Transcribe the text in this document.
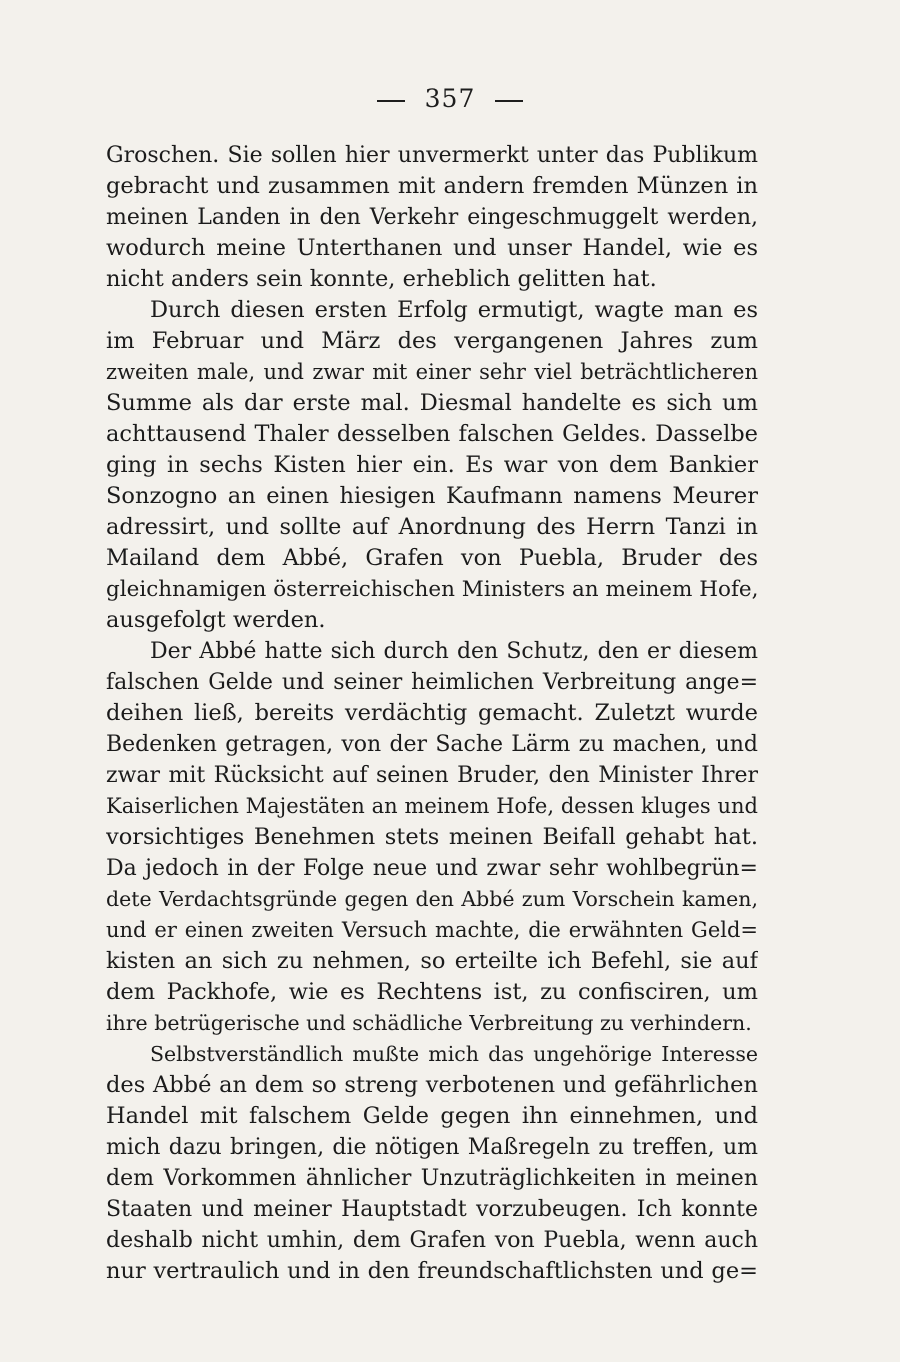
357
Groschen. Sie sollen hier unvermerkt unter das Publikum
gebracht und zusammen mit andern fremden Münzen in
meinen Landen in den Verkehr eingeschmuggelt werden,
wodurch meine Unterthanen und unser Handel, wie es
nicht anders sein konnte, erheblich gelitten hat.
Durch diesen ersten Erfolg ermutigt, wagte man es
im Februar und März des vergangenen Jahres zum
zweiten male, und zwar mit einer sehr viel beträchtlicheren
Summe als dar erste mal. Diesmal handelte es sich um
achttausend Thaler desselben falschen Geldes. Dasselbe
ging in sechs Kisten hier ein. Es war von dem Bankier
Sonzogno an einen hiesigen Kaufmann namens Meurer
adressirt, und sollte auf Anordnung des Herrn Tanzi in
Mailand dem Abbé, Grafen von Puebla, Bruder des
gleichnamigen österreichischen Ministers an meinem Hofe,
ausgefolgt werden.
Der Abbé hatte sich durch den Schutz, den er diesem
falschen Gelde und seiner heimlichen Verbreitung ange=
deihen ließ, bereits verdächtig gemacht. Zuletzt wurde
Bedenken getragen, von der Sache Lärm zu machen, und
zwar mit Rücksicht auf seinen Bruder, den Minister Ihrer
Kaiserlichen Majestäten an meinem Hofe, dessen kluges und
vorsichtiges Benehmen stets meinen Beifall gehabt hat.
Da jedoch in der Folge neue und zwar sehr wohlbegrün=
dete Verdachtsgründe gegen den Abbé zum Vorschein kamen,
und er einen zweiten Versuch machte, die erwähnten Geld=
kisten an sich zu nehmen, so erteilte ich Befehl, sie auf
dem Packhofe, wie es Rechtens ist, zu confisciren, um
ihre betrügerische und schädliche Verbreitung zu verhindern.
Selbstverständlich mußte mich das ungehörige Interesse
des Abbé an dem so streng verbotenen und gefährlichen
Handel mit falschem Gelde gegen ihn einnehmen, und
mich dazu bringen, die nötigen Maßregeln zu treffen, um
dem Vorkommen ähnlicher Unzuträglichkeiten in meinen
Staaten und meiner Hauptstadt vorzubeugen. Ich konnte
deshalb nicht umhin, dem Grafen von Puebla, wenn auch
nur vertraulich und in den freundschaftlichsten und ge=
